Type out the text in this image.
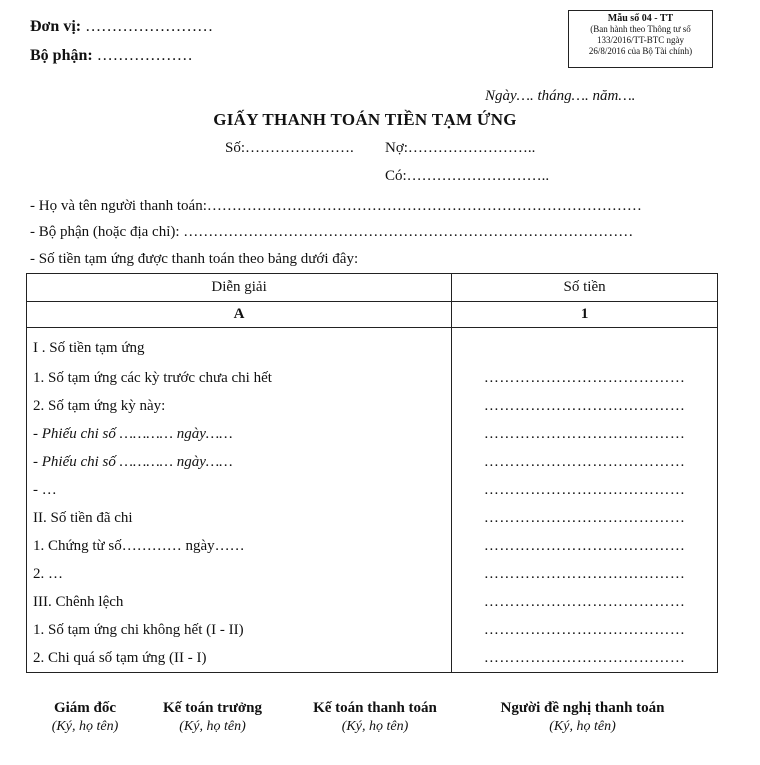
Đơn vị: ……………………
Bộ phận: ………………
Mẫu số 04 - TT
(Ban hành theo Thông tư số
133/2016/TT-BTC ngày
26/8/2016 của Bộ Tài chính)
Ngày…. tháng…. năm….
GIẤY THANH TOÁN TIỀN TẠM ỨNG
Số:…………………. Nợ:……………………..
Có:………………………..
- Họ và tên người thanh toán:……………………………………………………………………………
- Bộ phận (hoặc địa chỉ): ………………………………………………………………………………
- Số tiền tạm ứng được thanh toán theo bảng dưới đây:
Diễn giải	Số tiền
A	1
I . Số tiền tạm ứng	
1. Số tạm ứng các kỳ trước chưa chi hết	…………………………………
2. Số tạm ứng kỳ này:	…………………………………
- Phiếu chi số ………… ngày……	…………………………………
- Phiếu chi số ………… ngày……	…………………………………
- …	…………………………………
II. Số tiền đã chi	…………………………………
1. Chứng từ số………… ngày……	…………………………………
2. …	…………………………………
III. Chênh lệch	…………………………………
1. Số tạm ứng chi không hết (I - II)	…………………………………
2. Chi quá số tạm ứng (II - I)	…………………………………
Giám đốc
(Ký, họ tên)
Kế toán trưởng
(Ký, họ tên)
Kế toán thanh toán
(Ký, họ tên)
Người đề nghị thanh toán
(Ký, họ tên)
